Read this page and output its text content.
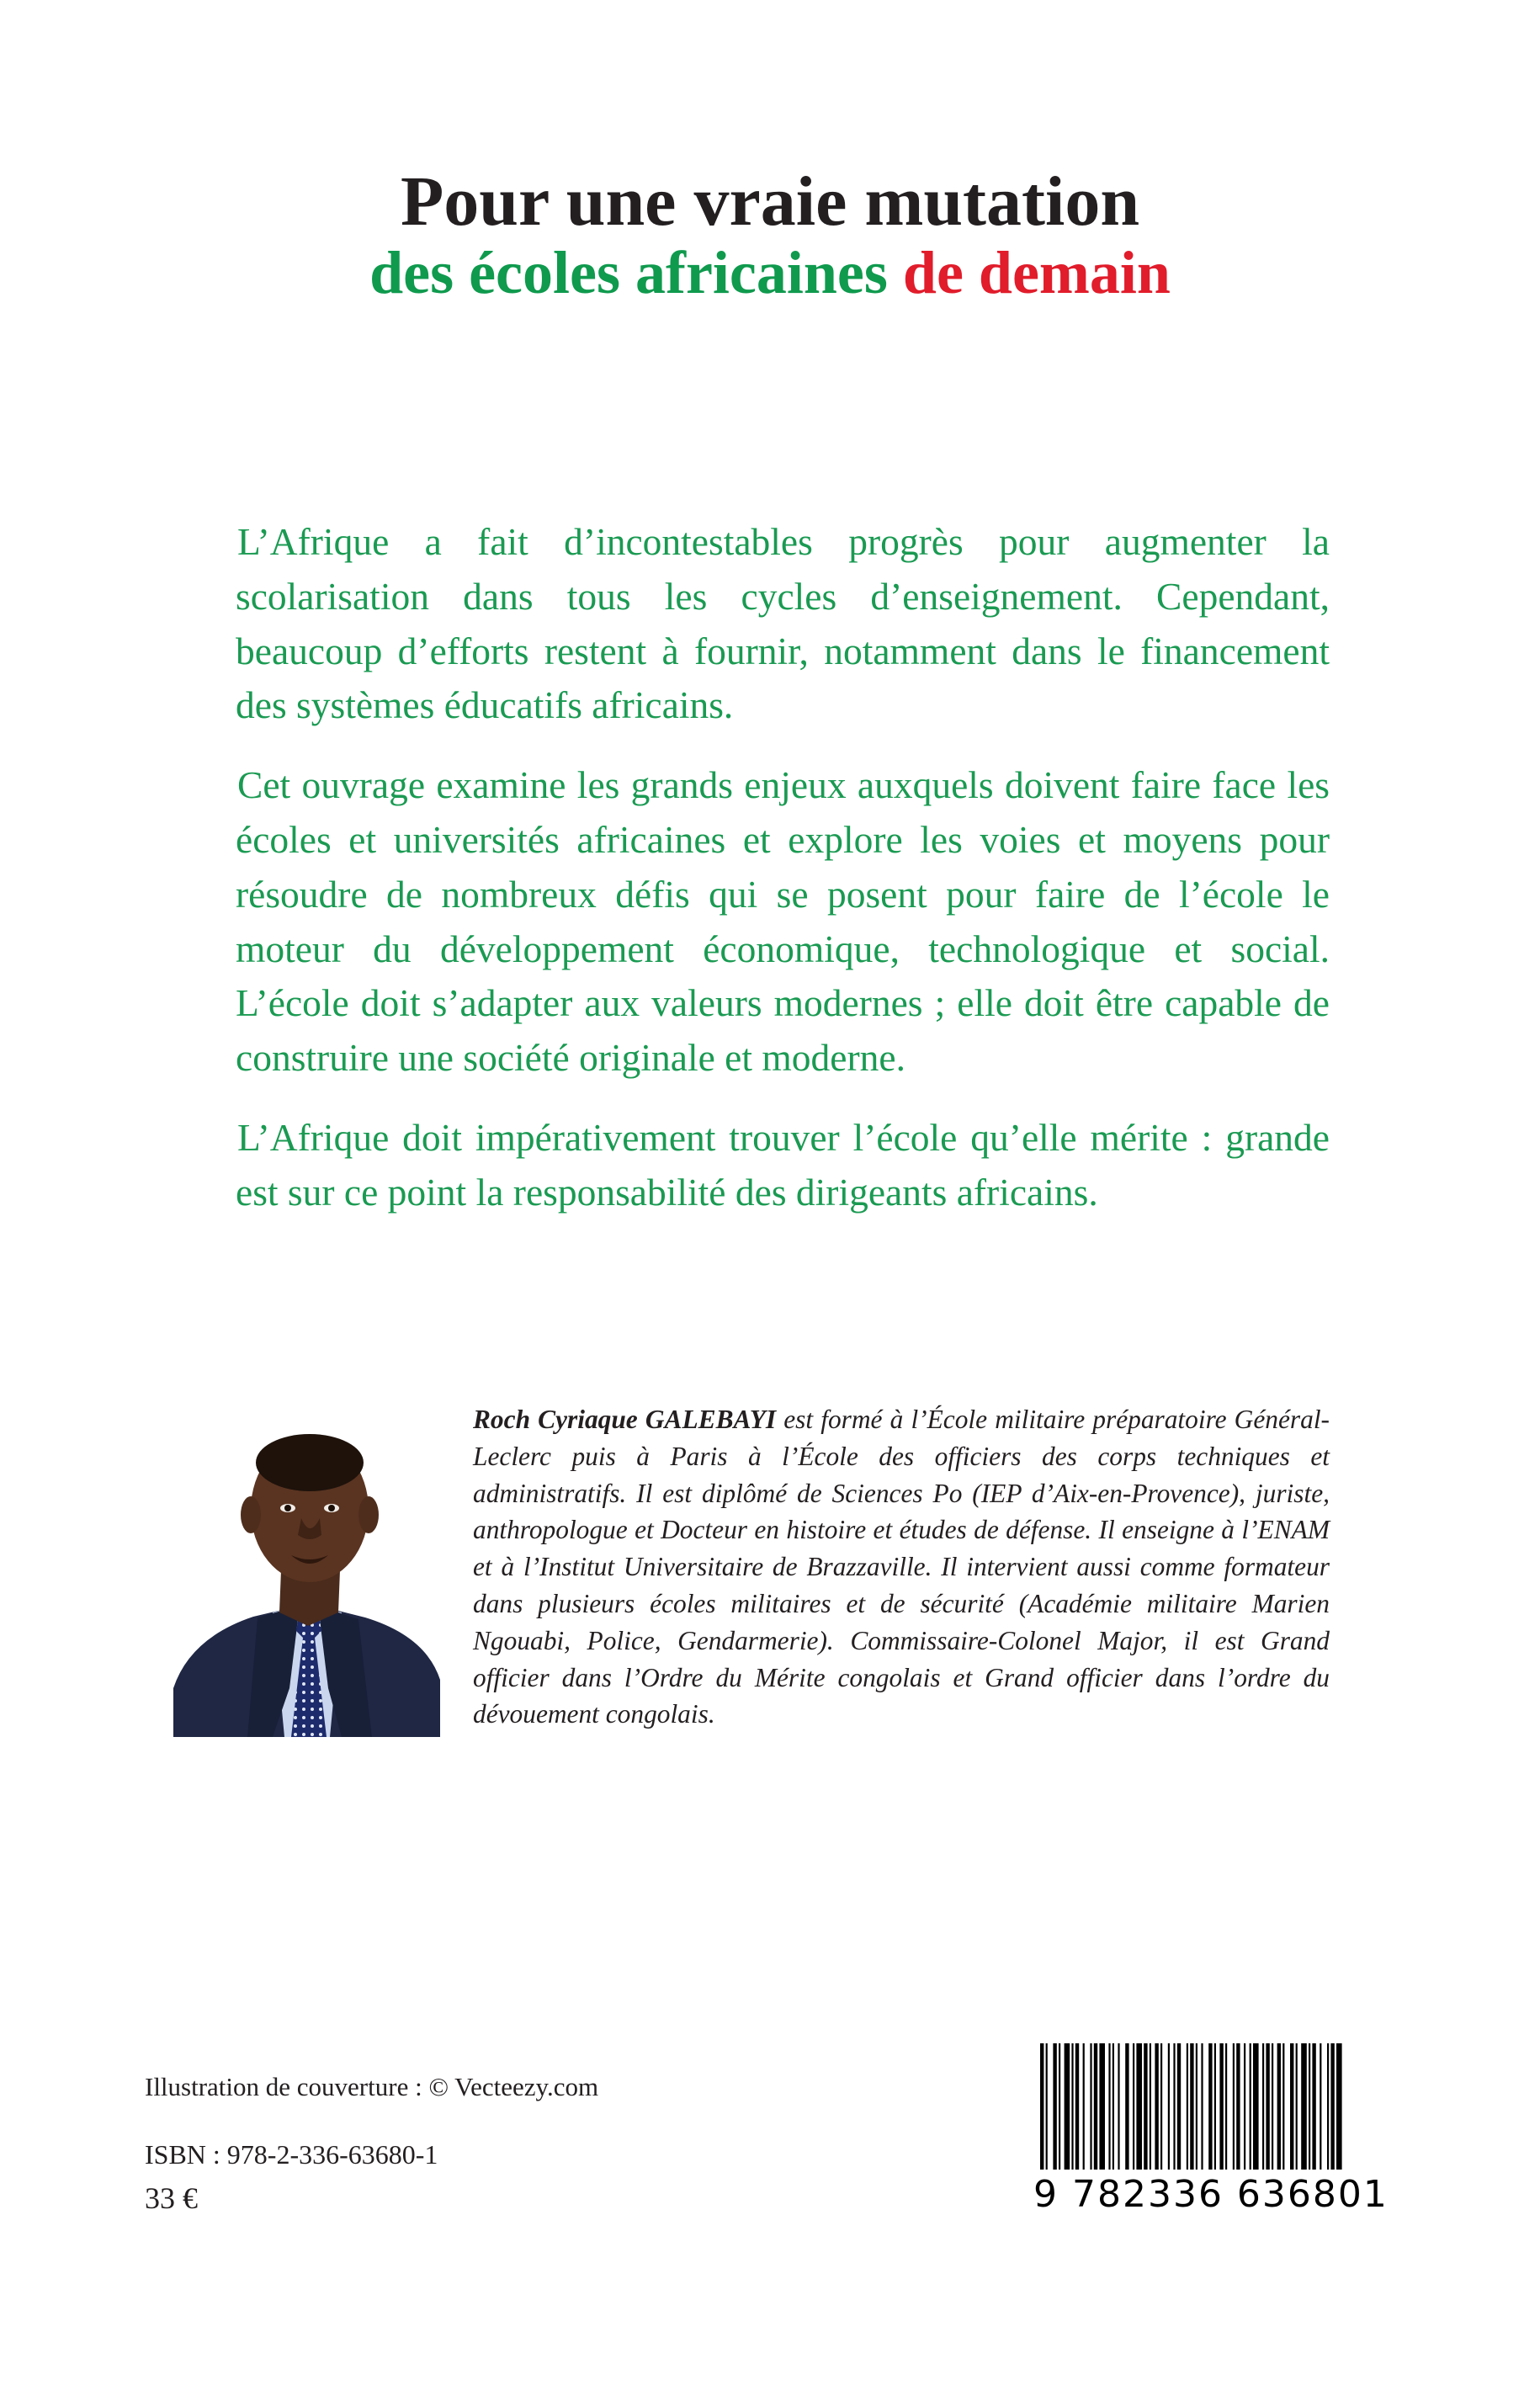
Pour une vraie mutation
des écoles africaines de demain

L’Afrique a fait d’incontestables progrès pour augmenter la scolarisation dans tous les cycles d’enseignement. Cependant, beaucoup d’efforts restent à fournir, notamment dans le financement des systèmes éducatifs africains.

Cet ouvrage examine les grands enjeux auxquels doivent faire face les écoles et universités africaines et explore les voies et moyens pour résoudre de nombreux défis qui se posent pour faire de l’école le moteur du développement économique, technologique et social. L’école doit s’adapter aux valeurs modernes ; elle doit être capable de construire une société originale et moderne.

L’Afrique doit impérativement trouver l’école qu’elle mérite : grande est sur ce point la responsabilité des dirigeants africains.

Roch Cyriaque GALEBAYI est formé à l’École militaire préparatoire Général-Leclerc puis à Paris à l’École des officiers des corps techniques et administratifs. Il est diplômé de Sciences Po (IEP d’Aix-en-Provence), juriste, anthropologue et Docteur en histoire et études de défense. Il enseigne à l’ENAM et à l’Institut Universitaire de Brazzaville. Il intervient aussi comme formateur dans plusieurs écoles militaires et de sécurité (Académie militaire Marien Ngouabi, Police, Gendarmerie). Commissaire-Colonel Major, il est Grand officier dans l’Ordre du Mérite congolais et Grand officier dans l’ordre du dévouement congolais.
Illustration de couverture : © Vecteezy.com
ISBN : 978-2-336-63680-1
33 €	9 782336 636801
